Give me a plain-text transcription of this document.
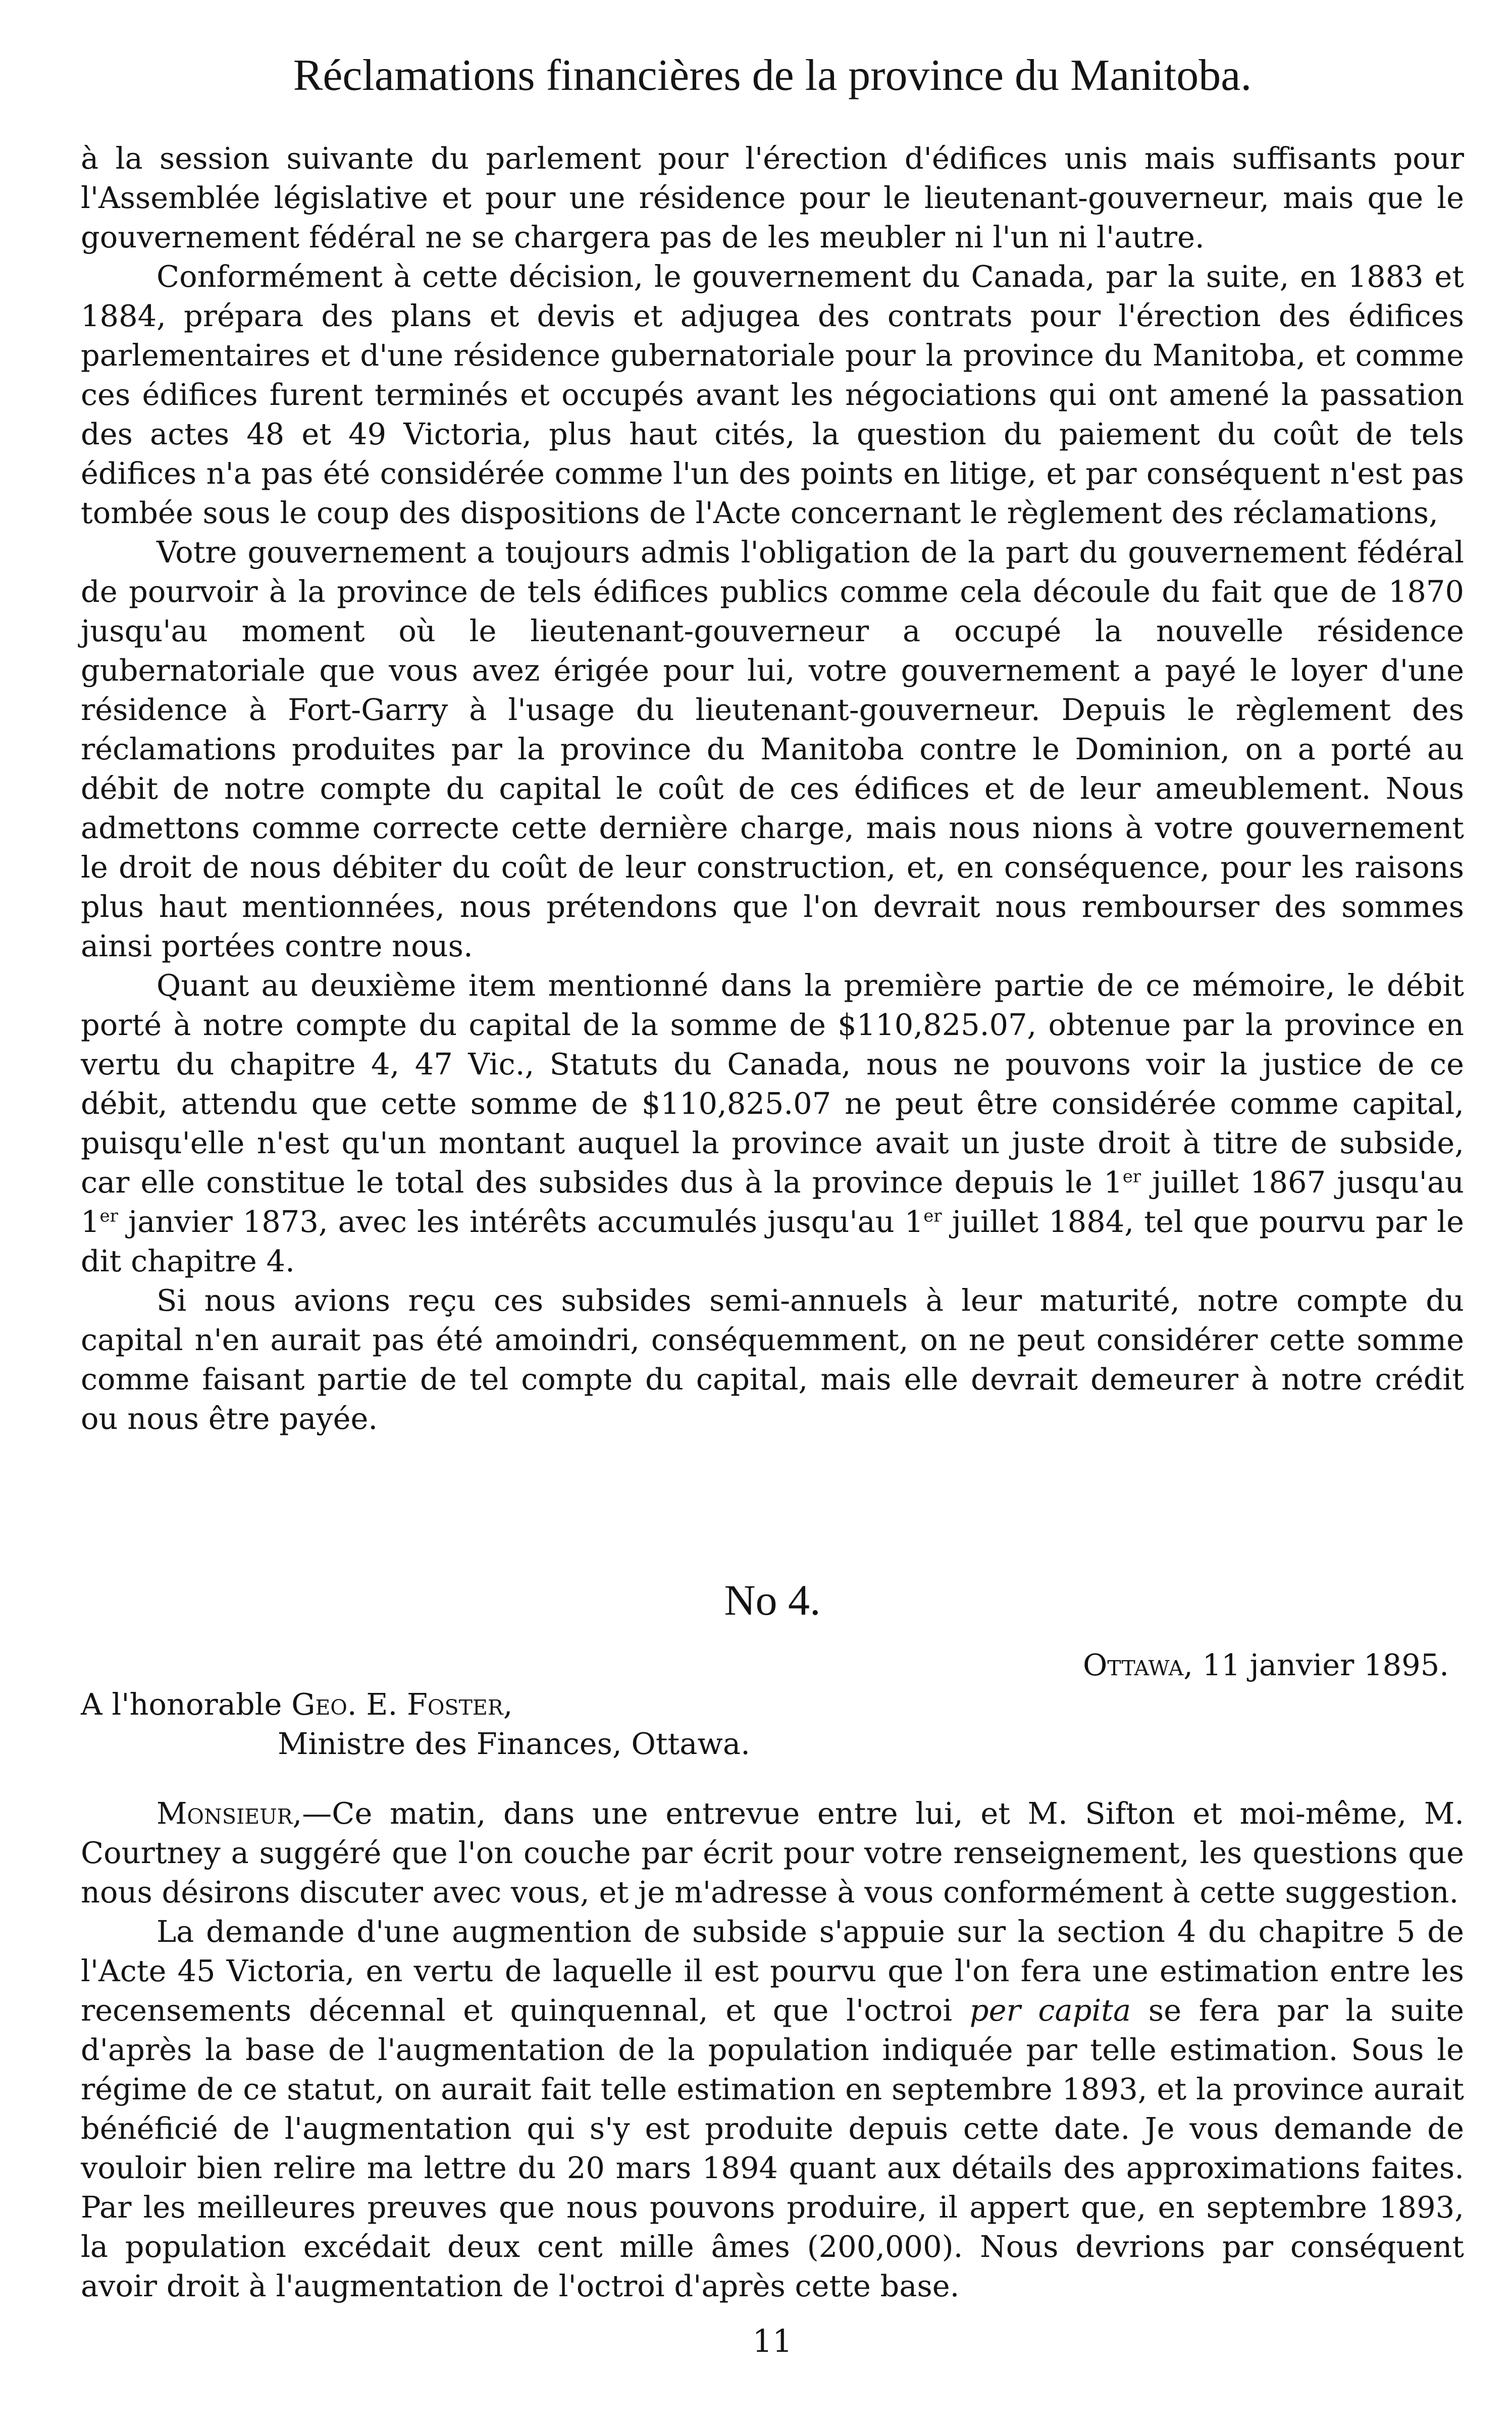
Réclamations financières de la province du Manitoba.

à la session suivante du parlement pour l'érection d'édifices unis mais suffisants pour l'Assemblée législative et pour une résidence pour le lieutenant-gouverneur, mais que le gouvernement fédéral ne se chargera pas de les meubler ni l'un ni l'autre.

Conformément à cette décision, le gouvernement du Canada, par la suite, en 1883 et 1884, prépara des plans et devis et adjugea des contrats pour l'érection des édifices parlementaires et d'une résidence gubernatoriale pour la province du Manitoba, et comme ces édifices furent terminés et occupés avant les négociations qui ont amené la passation des actes 48 et 49 Victoria, plus haut cités, la question du paiement du coût de tels édifices n'a pas été considérée comme l'un des points en litige, et par conséquent n'est pas tombée sous le coup des dispositions de l'Acte concernant le règlement des réclamations,

Votre gouvernement a toujours admis l'obligation de la part du gouvernement fédéral de pourvoir à la province de tels édifices publics comme cela découle du fait que de 1870 jusqu'au moment où le lieutenant-gouverneur a occupé la nouvelle résidence gubernatoriale que vous avez érigée pour lui, votre gouvernement a payé le loyer d'une résidence à Fort-Garry à l'usage du lieutenant-gouverneur. Depuis le règlement des réclamations produites par la province du Manitoba contre le Dominion, on a porté au débit de notre compte du capital le coût de ces édifices et de leur ameublement. Nous admettons comme correcte cette dernière charge, mais nous nions à votre gouvernement le droit de nous débiter du coût de leur construction, et, en conséquence, pour les raisons plus haut mentionnées, nous prétendons que l'on devrait nous rembourser des sommes ainsi portées contre nous.

Quant au deuxième item mentionné dans la première partie de ce mémoire, le débit porté à notre compte du capital de la somme de $110,825.07, obtenue par la province en vertu du chapitre 4, 47 Vic., Statuts du Canada, nous ne pouvons voir la justice de ce débit, attendu que cette somme de $110,825.07 ne peut être considérée comme capital, puisqu'elle n'est qu'un montant auquel la province avait un juste droit à titre de subside, car elle constitue le total des subsides dus à la province depuis le 1er juillet 1867 jusqu'au 1er janvier 1873, avec les intérêts accumulés jusqu'au 1er juillet 1884, tel que pourvu par le dit chapitre 4.

Si nous avions reçu ces subsides semi-annuels à leur maturité, notre compte du capital n'en aurait pas été amoindri, conséquemment, on ne peut considérer cette somme comme faisant partie de tel compte du capital, mais elle devrait demeurer à notre crédit ou nous être payée.

No 4.
Ottawa, 11 janvier 1895.

A l'honorable Geo. E. Foster,

Ministre des Finances, Ottawa.

Monsieur,—Ce matin, dans une entrevue entre lui, et M. Sifton et moi-même, M. Courtney a suggéré que l'on couche par écrit pour votre renseignement, les questions que nous désirons discuter avec vous, et je m'adresse à vous conformément à cette suggestion.

La demande d'une augmention de subside s'appuie sur la section 4 du chapitre 5 de l'Acte 45 Victoria, en vertu de laquelle il est pourvu que l'on fera une estimation entre les recensements décennal et quinquennal, et que l'octroi per capita se fera par la suite d'après la base de l'augmentation de la population indiquée par telle estimation. Sous le régime de ce statut, on aurait fait telle estimation en septembre 1893, et la province aurait bénéficié de l'augmentation qui s'y est produite depuis cette date. Je vous demande de vouloir bien relire ma lettre du 20 mars 1894 quant aux détails des approximations faites. Par les meilleures preuves que nous pouvons produire, il appert que, en septembre 1893, la population excédait deux cent mille âmes (200,000). Nous devrions par conséquent avoir droit à l'augmentation de l'octroi d'après cette base.

11
